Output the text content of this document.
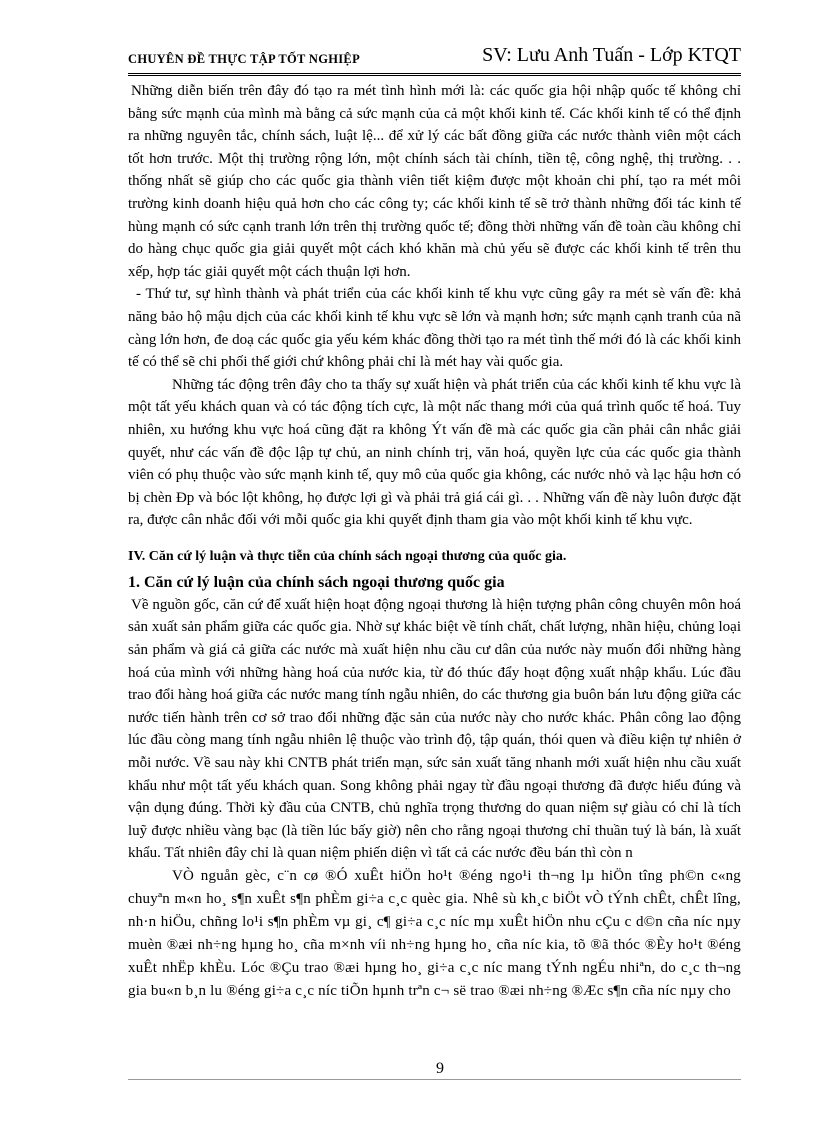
CHUYÊN ĐỀ THỰC TẬP TỐT NGHIỆP	SV: Lưu Anh Tuấn - Lớp KTQT

Những diễn biến trên đây đó tạo ra mét tình hình mới là: các quốc gia hội nhập quốc tế không chỉ bằng sức mạnh của mình mà bằng cả sức mạnh của cả một khối kinh tế. Các khối kinh tế có thể định ra những nguyên tắc, chính sách, luật lệ... để xử lý các bất đồng giữa các nước thành viên một cách tốt hơn trước. Một thị trường rộng lớn, một chính sách tài chính, tiền tệ, công nghệ, thị trường. . . thống nhất sẽ giúp cho các quốc gia thành viên tiết kiệm được một khoản chi phí, tạo ra mét môi trường kinh doanh hiệu quả hơn cho các công ty; các khối kinh tế sẽ trở thành những đối tác kinh tế hùng mạnh có sức cạnh tranh lớn trên thị trường quốc tế; đồng thời những vấn đề toàn cầu không chỉ do hàng chục quốc gia giải quyết một cách khó khăn mà chủ yếu sẽ được các khối kinh tế trên thu xếp, hợp tác giải quyết một cách thuận lợi hơn.

- Thứ tư, sự hình thành và phát triển của các khối kinh tế khu vực cũng gây ra mét sè vấn đề: khả năng bảo hộ mậu dịch của các khối kinh tế khu vực sẽ lớn và mạnh hơn; sức mạnh cạnh tranh của nã càng lớn hơn, đe doạ các quốc gia yếu kém khác đồng thời tạo ra mét tình thế mới đó là các khối kinh tế có thể sẽ chi phối thế giới chứ không phải chỉ là mét hay vài quốc gia.

Những tác động trên đây cho ta thấy sự xuất hiện và phát triển của các khối kinh tế khu vực là một tất yếu khách quan và có tác động tích cực, là một nấc thang mới của quá trình quốc tế hoá. Tuy nhiên, xu hướng khu vực hoá cũng đặt ra không Ýt vấn đề mà các quốc gia cần phải cân nhắc giải quyết, như các vấn đề độc lập tự chủ, an ninh chính trị, văn hoá, quyền lực của các quốc gia thành viên có phụ thuộc vào sức mạnh kinh tế, quy mô của quốc gia không, các nước nhỏ và lạc hậu hơn có bị chèn Ðp và bóc lột không, họ được lợi gì và phải trả giá cái gì. . . Những vấn đề này luôn được đặt ra, được cân nhắc đối với mỗi quốc gia khi quyết định tham gia vào một khối kinh tế khu vực.

IV. Căn cứ lý luận và thực tiễn của chính sách ngoại thương của quốc gia.

1. Căn cứ lý luận của chính sách ngoại thương quốc gia

Về nguồn gốc, căn cứ để xuất hiện hoạt động ngoại thương là hiện tượng phân công chuyên môn hoá sản xuất sản phẩm giữa các quốc gia. Nhờ sự khác biệt về tính chất, chất lượng, nhãn hiệu, chủng loại sản phẩm và giá cả giữa các nước mà xuất hiện nhu cầu cư dân của nước này muốn đổi những hàng hoá của mình với những hàng hoá của nước kia, từ đó thúc đẩy hoạt động xuất nhập khẩu. Lúc đầu trao đổi hàng hoá giữa các nước mang tính ngẫu nhiên, do các thương gia buôn bán lưu động giữa các nước tiến hành trên cơ sở trao đổi những đặc sản của nước này cho nước khác. Phân công lao động lúc đầu còng mang tính ngẫu nhiên lệ thuộc vào trình độ, tập quán, thói quen và điều kiện tự nhiên ở mỗi nước. Về sau này khi CNTB phát triển mạn, sức sản xuất tăng nhanh mới xuất hiện nhu cầu xuất khẩu như một tất yếu khách quan. Song không phải ngay từ đầu ngoại thương đã được hiểu đúng và vận dụng đúng. Thời kỳ đầu của CNTB, chủ nghĩa trọng thương do quan niệm sự giàu có chỉ là tích luỹ được nhiều vàng bạc (là tiền lúc bấy giờ) nên cho rằng ngoại thương chỉ thuần tuý là bán, là xuất khẩu. Tất nhiên đây chỉ là quan niệm phiến diện vì tất cả các nước đều bán thì còn n

VÒ nguån gèc, c¨n cø ®Ó xuÊt hiÖn ho¹t ®éng ngo¹i th¬ng lµ hiÖn tîng ph©n c«ng chuyªn m«n ho¸ s¶n xuÊt s¶n phÈm gi÷a c¸c quèc gia. Nhê sù kh¸c biÖt vÒ tÝnh chÊt, chÊt lîng, nh·n hiÖu, chñng lo¹i s¶n phÈm vµ gi¸ c¶ gi÷a c¸c níc mµ xuÊt hiÖn nhu cÇu c d©n cña níc nµy muèn ®æi nh÷ng hµng ho¸ cña m×nh víi nh÷ng hµng ho¸ cña níc kia, tõ ®ã thóc ®Èy ho¹t ®éng xuÊt nhËp khÈu. Lóc ®Çu trao ®æi hµng ho¸ gi÷a c¸c níc mang tÝnh ngÉu nhiªn, do c¸c th¬ng gia bu«n b¸n lu ®éng gi÷a c¸c níc tiÕn hµnh trªn c¬ së trao ®æi nh÷ng ®Æc s¶n cña níc nµy cho

9
